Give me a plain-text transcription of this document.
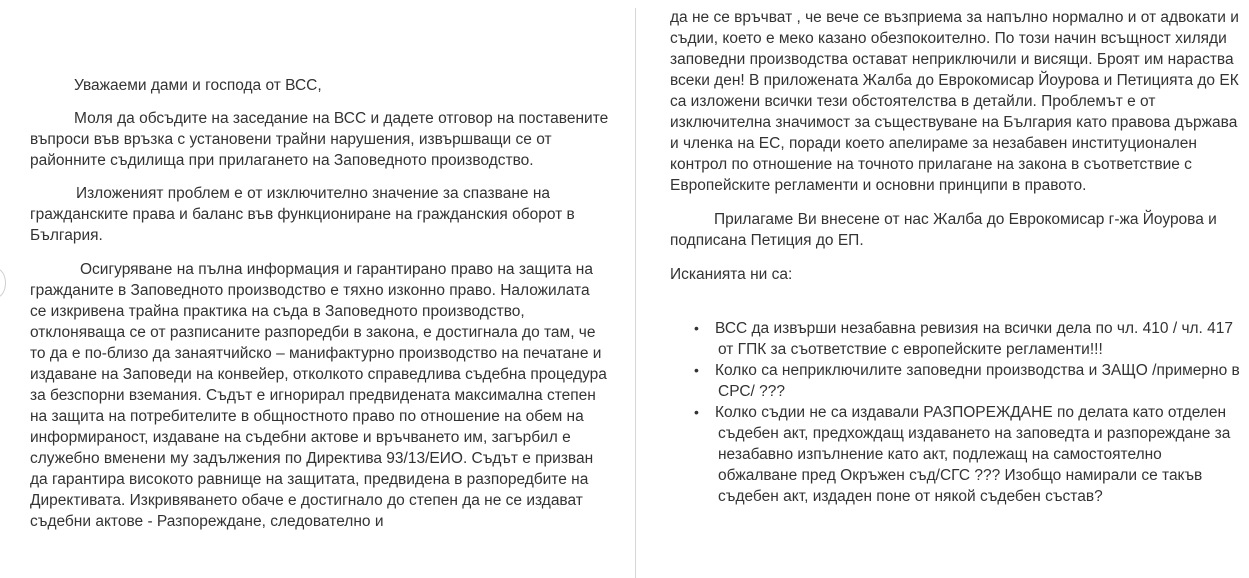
Уважаеми дами и господа от ВСС,

Моля да обсъдите на заседание на ВСС и дадете отговор на поставените въпроси във връзка с установени трайни нарушения, извършващи се от районните съдилища при прилагането на Заповедното производство.

Изложеният проблем е от изключително значение за спазване на гражданските права и баланс във функциониране на гражданския оборот в България.

Осигуряване на пълна информация и гарантирано право на защита на гражданите в Заповедното производство е тяхно изконно право. Наложилата се изкривена трайна практика на съда в Заповедното производство, отклоняваща се от разписаните разпоредби в закона, е достигнала до там, че то да е по-близо да занаятчийско – манифактурно производство на печатане и издаване на Заповеди на конвейер, отколкото справедлива съдебна процедура за безспорни вземания. Съдът е игнорирал предвидената максимална степен на защита на потребителите в общностното право по отношение на обем на информираност, издаване на съдебни актове и връчването им, загърбил е служебно вменени му задължения по Директива 93/13/ЕИО. Съдът е призван да гарантира високото равнище на защитата, предвидена в разпоредбите на Директивата. Изкривяването обаче е достигнало до степен да не се издават съдебни актове - Разпореждане, следователно и

да не се връчват , че вече се възприема за напълно нормално и от адвокати и съдии, което е меко казано обезпокоително. По този начин всъщност хиляди заповедни производства остават неприключили и висящи. Броят им нараства всеки ден! В приложената Жалба до Еврокомисар Йоурова и Петицията до ЕК са изложени всички тези обстоятелства в детайли. Проблемът е от изключителна значимост за съществуване на България като правова държава и членка на ЕС, поради което апелираме за незабавен институционален контрол по отношение на точното прилагане на закона в съответствие с Европейските регламенти и основни принципи в правото.

Прилагаме Ви внесене от нас Жалба до Еврокомисар г-жа Йоурова и подписана Петиция до ЕП.

Исканията ни са:

• ВСС да извърши незабавна ревизия на всички дела по чл. 410 / чл. 417 от ГПК за съответствие с европейските регламенти!!!
• Колко са неприключилите заповедни производства и ЗАЩО /примерно в СРС/ ???
• Колко съдии не са издавали РАЗПОРЕЖДАНЕ по делата като отделен съдебен акт, предхождащ издаването на заповедта и разпореждане за незабавно изпълнение като акт, подлежащ на самостоятелно обжалване пред Окръжен съд/СГС ??? Изобщо намирали се такъв съдебен акт, издаден поне от някой съдебен състав?
